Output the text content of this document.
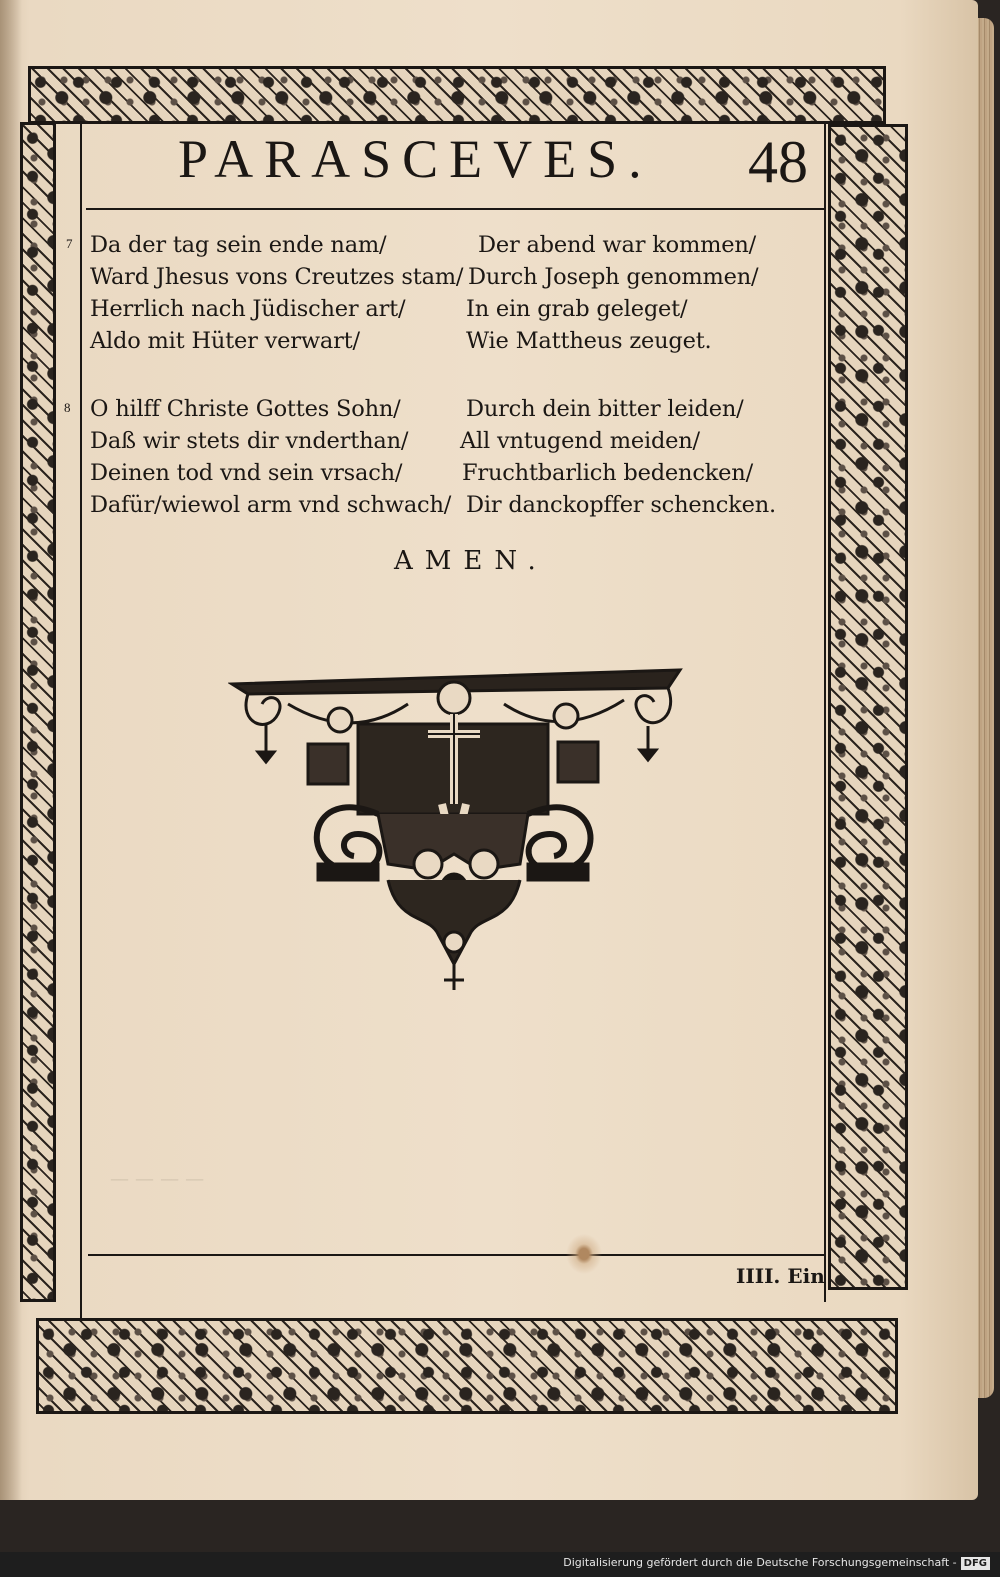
PARASCEVES.	48
7 Da der tag sein ende nam/
Ward Jhesus vons Creutzes stam/
Herrlich nach Jüdischer art/
Aldo mit Hüter verwart/
Der abend war kommen/
Durch Joseph genommen/
In ein grab geleget/
Wie Mattheus zeuget.
8 O hilff Christe Gottes Sohn/
Daß wir stets dir vnderthan/
Deinen tod vnd sein vrsach/
Dafür/wiewol arm vnd schwach/
Durch dein bitter leiden/
All vntugend meiden/
Fruchtbarlich bedencken/
Dir danckopffer schencken.
AMEN.
— — — —
IIII. Ein
Digitalisierung gefördert durch die Deutsche Forschungsgemeinschaft - DFG
